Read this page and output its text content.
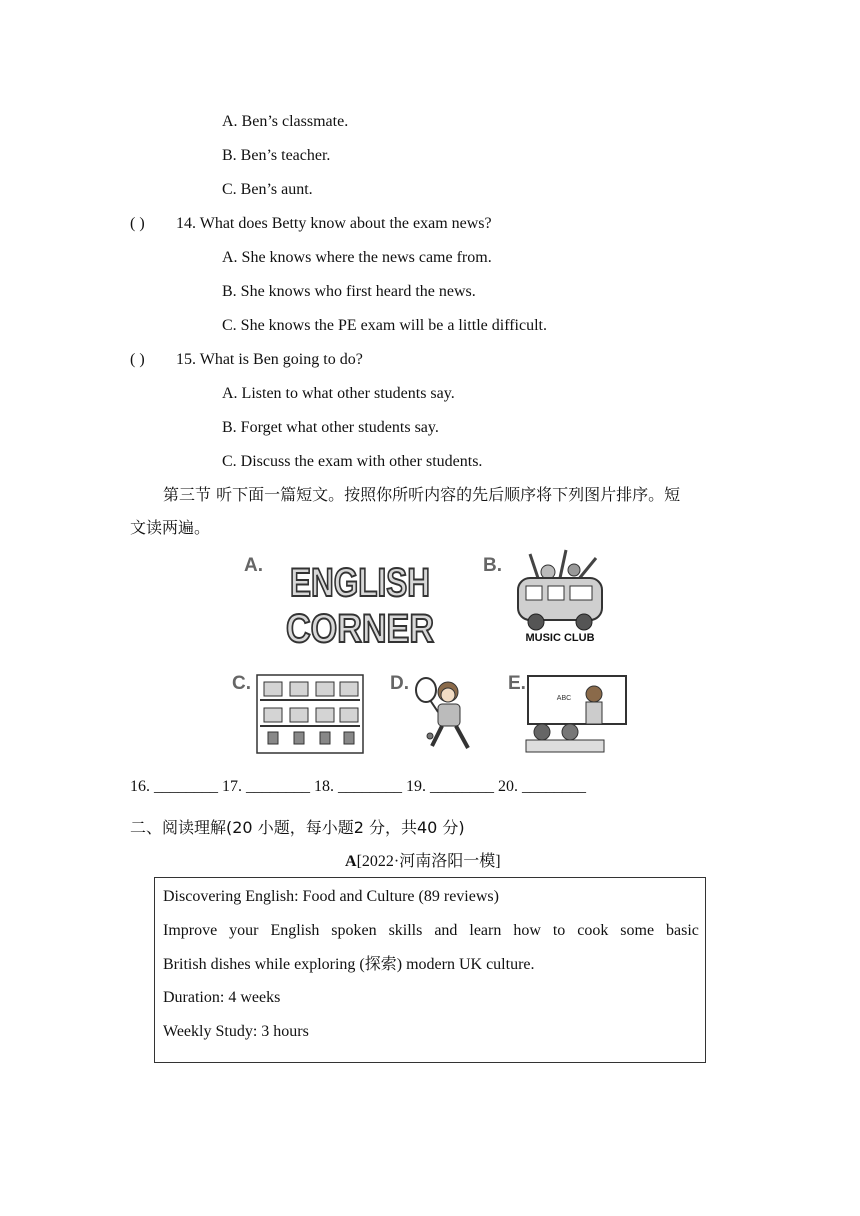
A. Ben’s classmate.
B. Ben’s teacher.
C. Ben’s aunt.
( ) 14. What does Betty know about the exam news?
A. She knows where the news came from.
B. She knows who first heard the news.
C. She knows the PE exam will be a little difficult.
( ) 15. What is Ben going to do?
A. Listen to what other students say.
B. Forget what other students say.
C. Discuss the exam with other students.
第三节 听下面一篇短文。按照你所听内容的先后顺序将下列图片排序。短
文读两遍。
A. ENGLISH
CORNER
B.
MUSIC CLUB
C.	D.	E.
ABC
16. ________ 17. ________ 18. ________ 19. ________ 20. ________
二、阅读理解(20 小题，每小题2 分，共40 分)
A[2022·河南洛阳一模]
Discovering English: Food and Culture (89 reviews)
Improve your English spoken skills and learn how to cook some basic
British dishes while exploring (探索) modern UK culture.
Duration: 4 weeks
Weekly Study: 3 hours
